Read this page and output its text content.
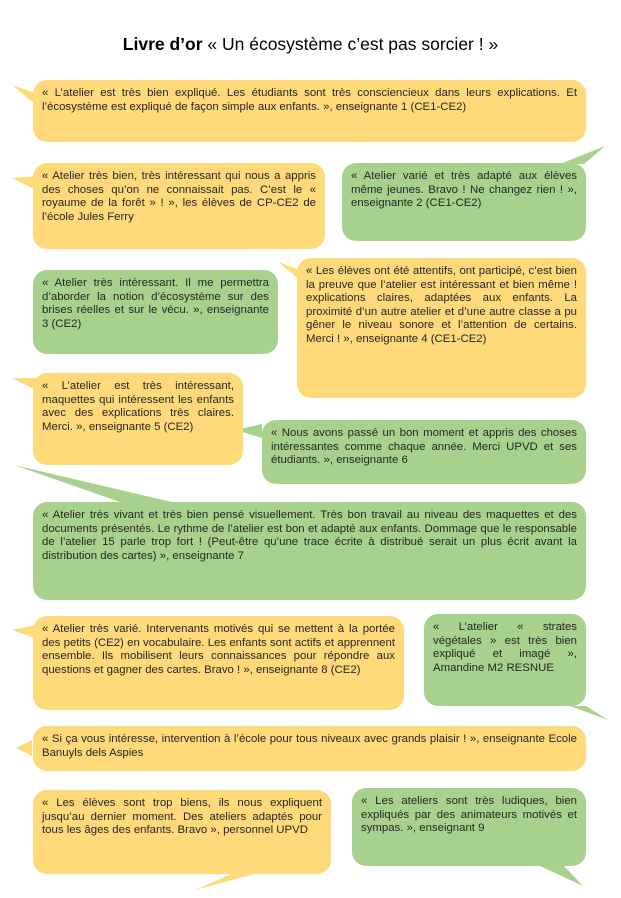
Livre d’or « Un écosystème c’est pas sorcier ! »
« L’atelier est très bien expliqué. Les étudiants sont très consciencieux dans leurs explications. Et l’écosystème est expliqué de façon simple aux enfants. », enseignante 1 (CE1-CE2)
« Atelier très bien, très intéressant qui nous a appris des choses qu’on ne connaissait pas. C’est le « royaume de la forêt » ! », les élèves de CP-CE2 de l’école Jules Ferry
« Atelier varié et très adapté aux élèves même jeunes. Bravo ! Ne changez rien ! », enseignante 2 (CE1-CE2)
« Atelier très intéressant. Il me permettra d’aborder la notion d’écosystème sur des brises réelles et sur le vécu. », enseignante 3 (CE2)
« Les élèves ont été attentifs, ont participé, c’est bien la preuve que l’atelier est intéressant et bien même ! explications claires, adaptées aux enfants. La proximité d’un autre atelier et d’une autre classe a pu gêner le niveau sonore et l’attention de certains. Merci ! », enseignante 4 (CE1-CE2)
« L’atelier est très intéressant, maquettes qui intéressent les enfants avec des explications très claires. Merci. », enseignante 5 (CE2)
« Nous avons passé un bon moment et appris des choses intéressantes comme chaque année. Merci UPVD et ses étudiants. », enseignante 6
« Atelier très vivant et très bien pensé visuellement. Très bon travail au niveau des maquettes et des documents présentés. Le rythme de l’atelier est bon et adapté aux enfants. Dommage que le responsable de l’atelier 15 parle trop fort ! (Peut-être qu’une trace écrite à distribué serait un plus écrit avant la distribution des cartes) », enseignante 7
« Atelier très varié. Intervenants motivés qui se mettent à la portée des petits (CE2) en vocabulaire. Les enfants sont actifs et apprennent ensemble. Ils mobilisent leurs connaissances pour répondre aux questions et gagner des cartes. Bravo ! », enseignante 8 (CE2)
« L’atelier « strates végétales » est très bien expliqué et imagé », Amandine M2 RESNUE
« Si ça vous intéresse, intervention à l’école pour tous niveaux avec grands plaisir ! », enseignante Ecole Banuyls dels Aspies
« Les élèves sont trop biens, ils nous expliquent jusqu’au dernier moment. Des ateliers adaptés pour tous les âges des enfants. Bravo », personnel UPVD
« Les ateliers sont très ludiques, bien expliqués par des animateurs motivés et sympas. », enseignant 9
